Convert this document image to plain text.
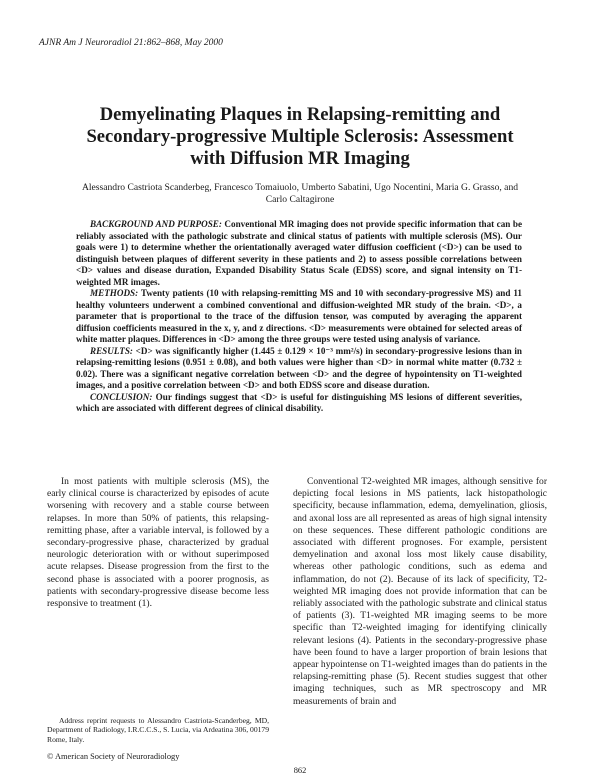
AJNR Am J Neuroradiol 21:862–868, May 2000
Demyelinating Plaques in Relapsing-remitting and
Secondary-progressive Multiple Sclerosis: Assessment
with Diffusion MR Imaging
Alessandro Castriota Scanderbeg, Francesco Tomaiuolo, Umberto Sabatini, Ugo Nocentini, Maria G. Grasso, and Carlo Caltagirone

BACKGROUND AND PURPOSE: Conventional MR imaging does not provide specific information that can be reliably associated with the pathologic substrate and clinical status of patients with multiple sclerosis (MS). Our goals were 1) to determine whether the orientationally averaged water diffusion coefficient (<D>) can be used to distinguish between plaques of different severity in these patients and 2) to assess possible correlations between <D> values and disease duration, Expanded Disability Status Scale (EDSS) score, and signal intensity on T1-weighted MR images.

METHODS: Twenty patients (10 with relapsing-remitting MS and 10 with secondary-progressive MS) and 11 healthy volunteers underwent a combined conventional and diffusion-weighted MR study of the brain. <D>, a parameter that is proportional to the trace of the diffusion tensor, was computed by averaging the apparent diffusion coefficients measured in the x, y, and z directions. <D> measurements were obtained for selected areas of white matter plaques. Differences in <D> among the three groups were tested using analysis of variance.

RESULTS: <D> was significantly higher (1.445 ± 0.129 × 10⁻³ mm²/s) in secondary-progressive lesions than in relapsing-remitting lesions (0.951 ± 0.08), and both values were higher than <D> in normal white matter (0.732 ± 0.02). There was a significant negative correlation between <D> and the degree of hypointensity on T1-weighted images, and a positive correlation between <D> and both EDSS score and disease duration.

CONCLUSION: Our findings suggest that <D> is useful for distinguishing MS lesions of different severities, which are associated with different degrees of clinical disability.

In most patients with multiple sclerosis (MS), the early clinical course is characterized by episodes of acute worsening with recovery and a stable course between relapses. In more than 50% of patients, this relapsing-remitting phase, after a variable interval, is followed by a secondary-progressive phase, characterized by gradual neurologic deterioration with or without superimposed acute relapses. Disease progression from the first to the second phase is associated with a poorer prognosis, as patients with secondary-progressive disease become less responsive to treatment (1).

Conventional T2-weighted MR images, although sensitive for depicting focal lesions in MS patients, lack histopathologic specificity, because inflammation, edema, demyelination, gliosis, and axonal loss are all represented as areas of high signal intensity on these sequences. These different pathologic conditions are associated with different prognoses. For example, persistent demyelination and axonal loss most likely cause disability, whereas other pathologic conditions, such as edema and inflammation, do not (2). Because of its lack of specificity, T2-weighted MR imaging does not provide information that can be reliably associated with the pathologic substrate and clinical status of patients (3). T1-weighted MR imaging seems to be more specific than T2-weighted imaging for identifying clinically relevant lesions (4). Patients in the secondary-progressive phase have been found to have a larger proportion of brain lesions that appear hypointense on T1-weighted images than do patients in the relapsing-remitting phase (5). Recent studies suggest that other imaging techniques, such as MR spectroscopy and MR measurements of brain and

Address reprint requests to Alessandro Castriota-Scanderbeg, MD, Department of Radiology, I.R.C.C.S., S. Lucia, via Ardeatina 306, 00179 Rome, Italy.
© American Society of Neuroradiology
862
